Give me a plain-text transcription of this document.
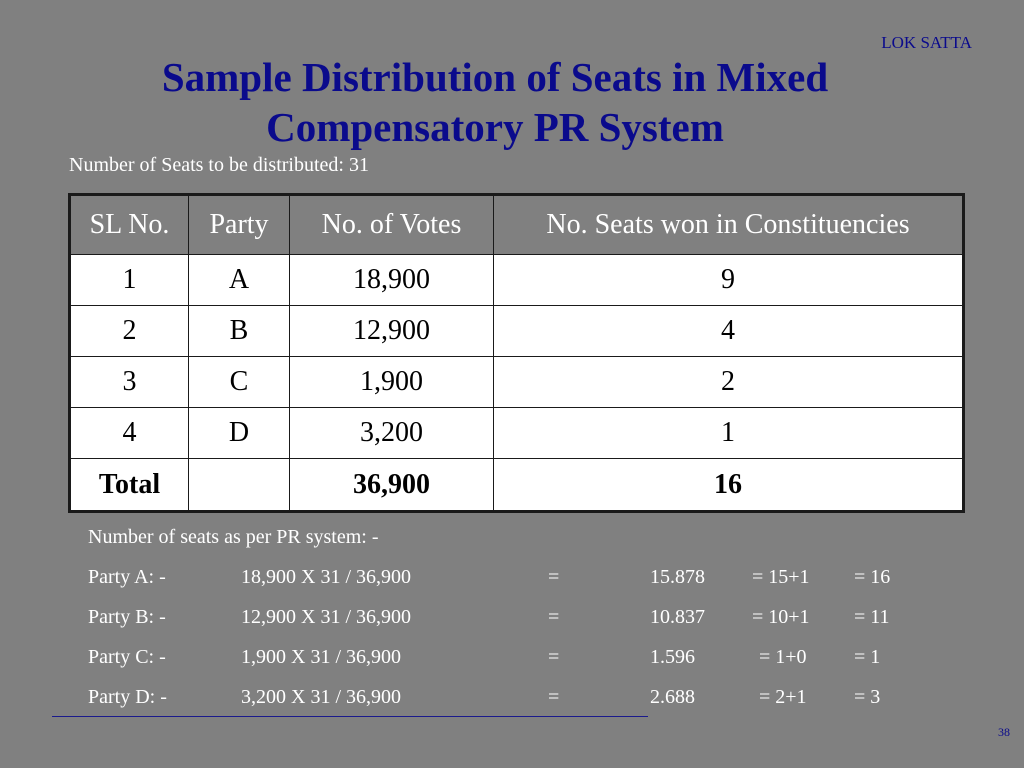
LOK SATTA
Sample Distribution of Seats in Mixed
Compensatory PR System
Number of Seats to be distributed: 31
SL No.	Party	No. of Votes	No. Seats won in Constituencies
1	A	18,900	9
2	B	12,900	4
3	C	1,900	2
4	D	3,200	1
Total		36,900	16
Number of seats as per PR system: -
Party A: -	18,900 X 31 / 36,900	=	15.878 = 15+1 = 16
Party B: -	12,900 X 31 / 36,900	=	10.837 = 10+1 = 11
Party C: -	1,900 X 31 / 36,900	=	1.596	= 1+0 = 1
Party D: -	3,200 X 31 / 36,900	=	2.688	= 2+1 = 3
38
